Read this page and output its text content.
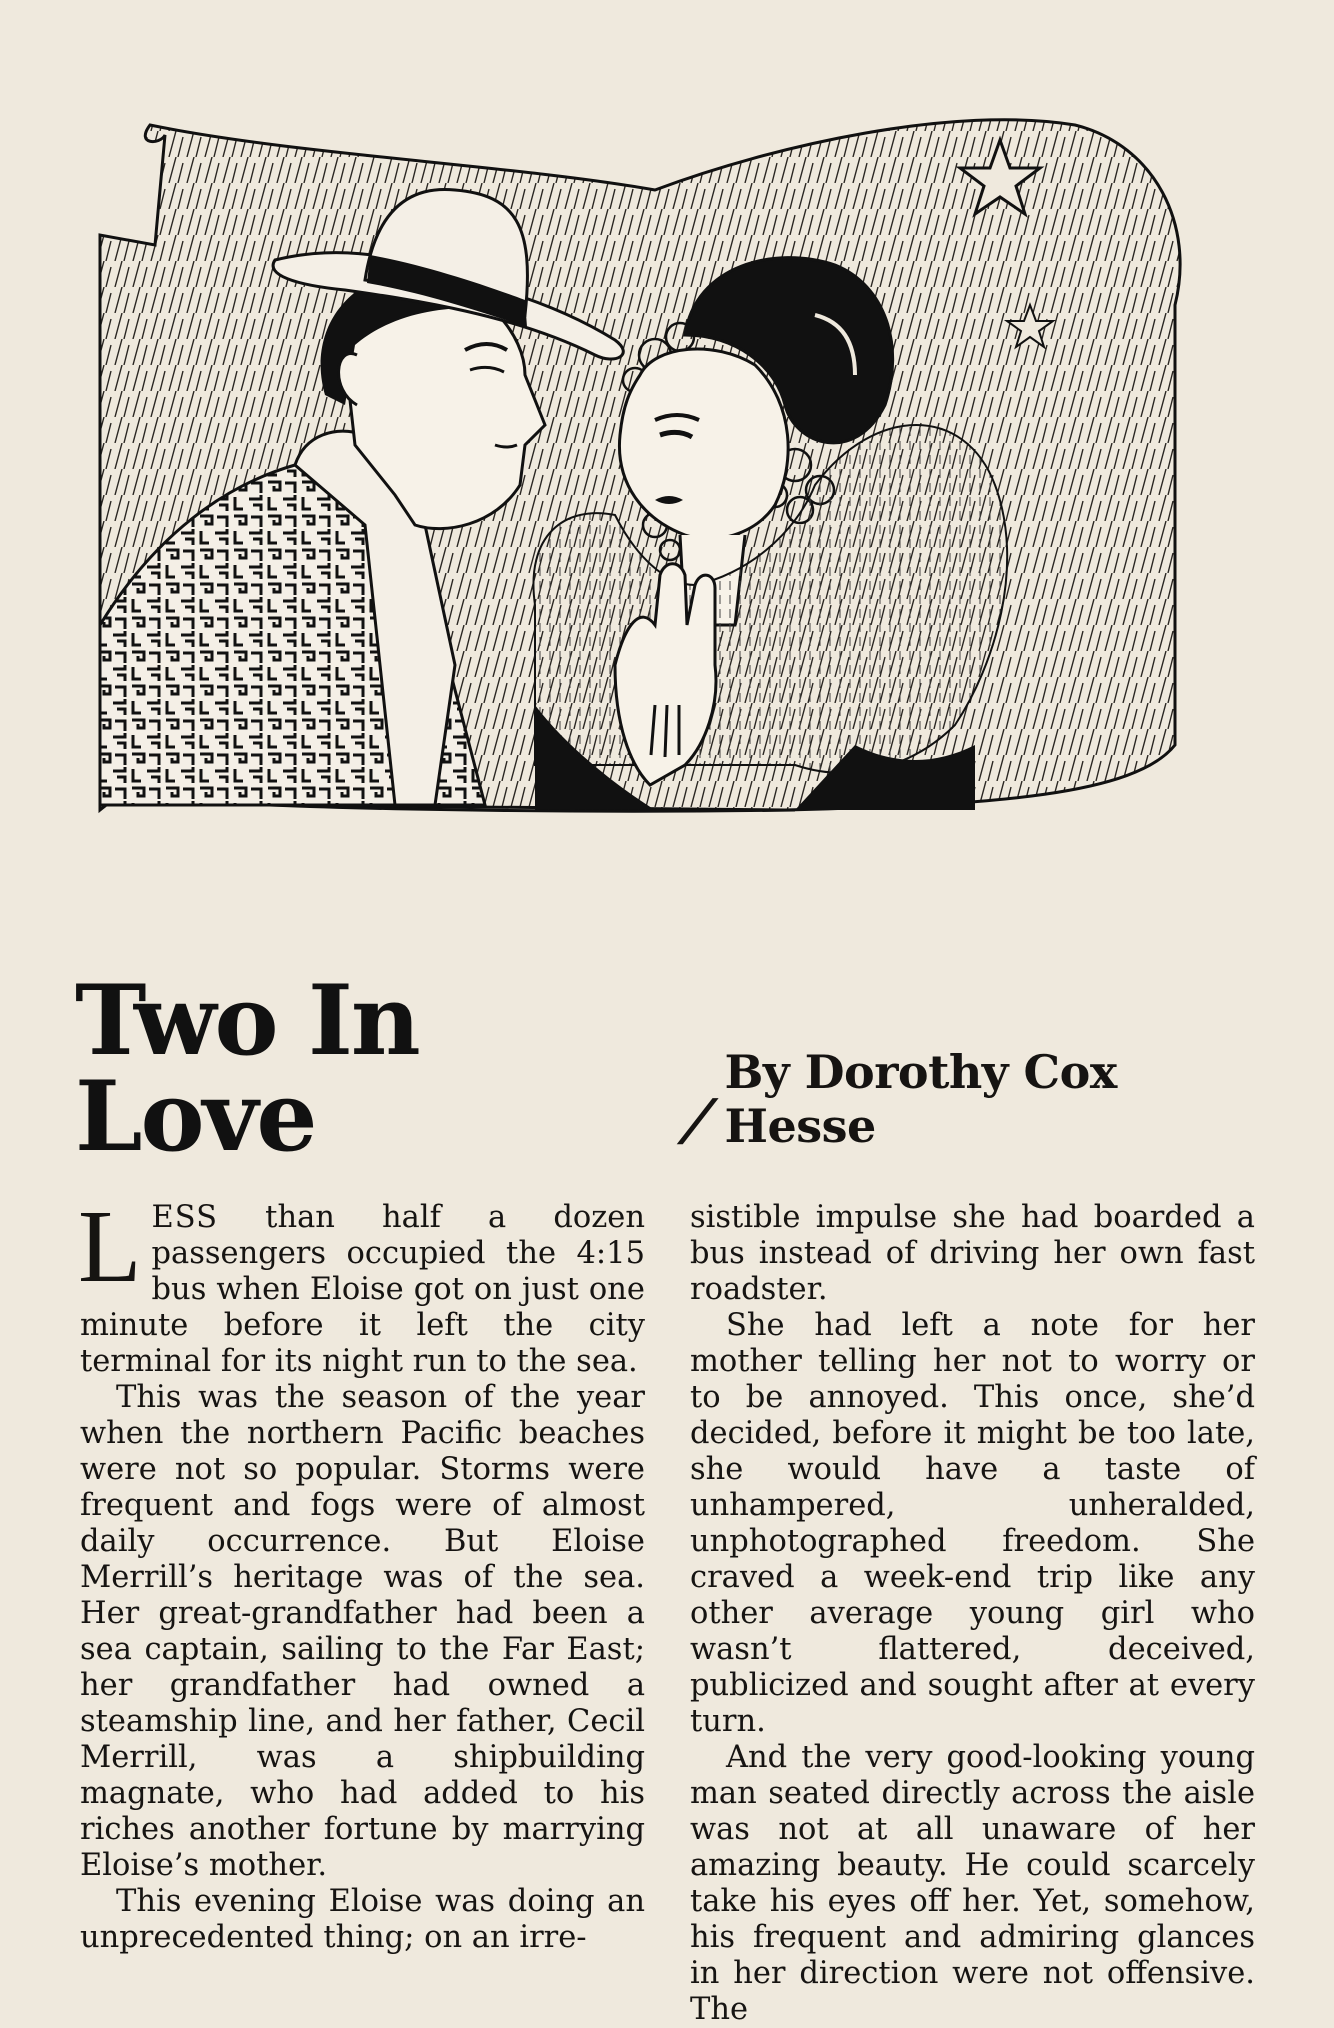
Two In Love	/
By Dorothy Cox Hesse

LESS than half a dozen passengers occupied the 4:15 bus when Eloise got on just one minute before it left the city terminal for its night run to the sea.

This was the season of the year when the northern Pacific beaches were not so popular. Storms were frequent and fogs were of almost daily occurrence. But Eloise Merrill’s heritage was of the sea. Her great-grandfather had been a sea captain, sailing to the Far East; her grandfather had owned a steamship line, and her father, Cecil Merrill, was a shipbuilding magnate, who had added to his riches another fortune by marrying Eloise’s mother.

This evening Eloise was doing an unprecedented thing; on an irre-

sistible impulse she had boarded a bus instead of driving her own fast roadster.

She had left a note for her mother telling her not to worry or to be annoyed. This once, she’d decided, before it might be too late, she would have a taste of unhampered, unheralded, unphotographed freedom. She craved a week-end trip like any other average young girl who wasn’t flattered, deceived, publicized and sought after at every turn.

And the very good-looking young man seated directly across the aisle was not at all unaware of her amazing beauty. He could scarcely take his eyes off her. Yet, somehow, his frequent and admiring glances in her direction were not offensive. The
